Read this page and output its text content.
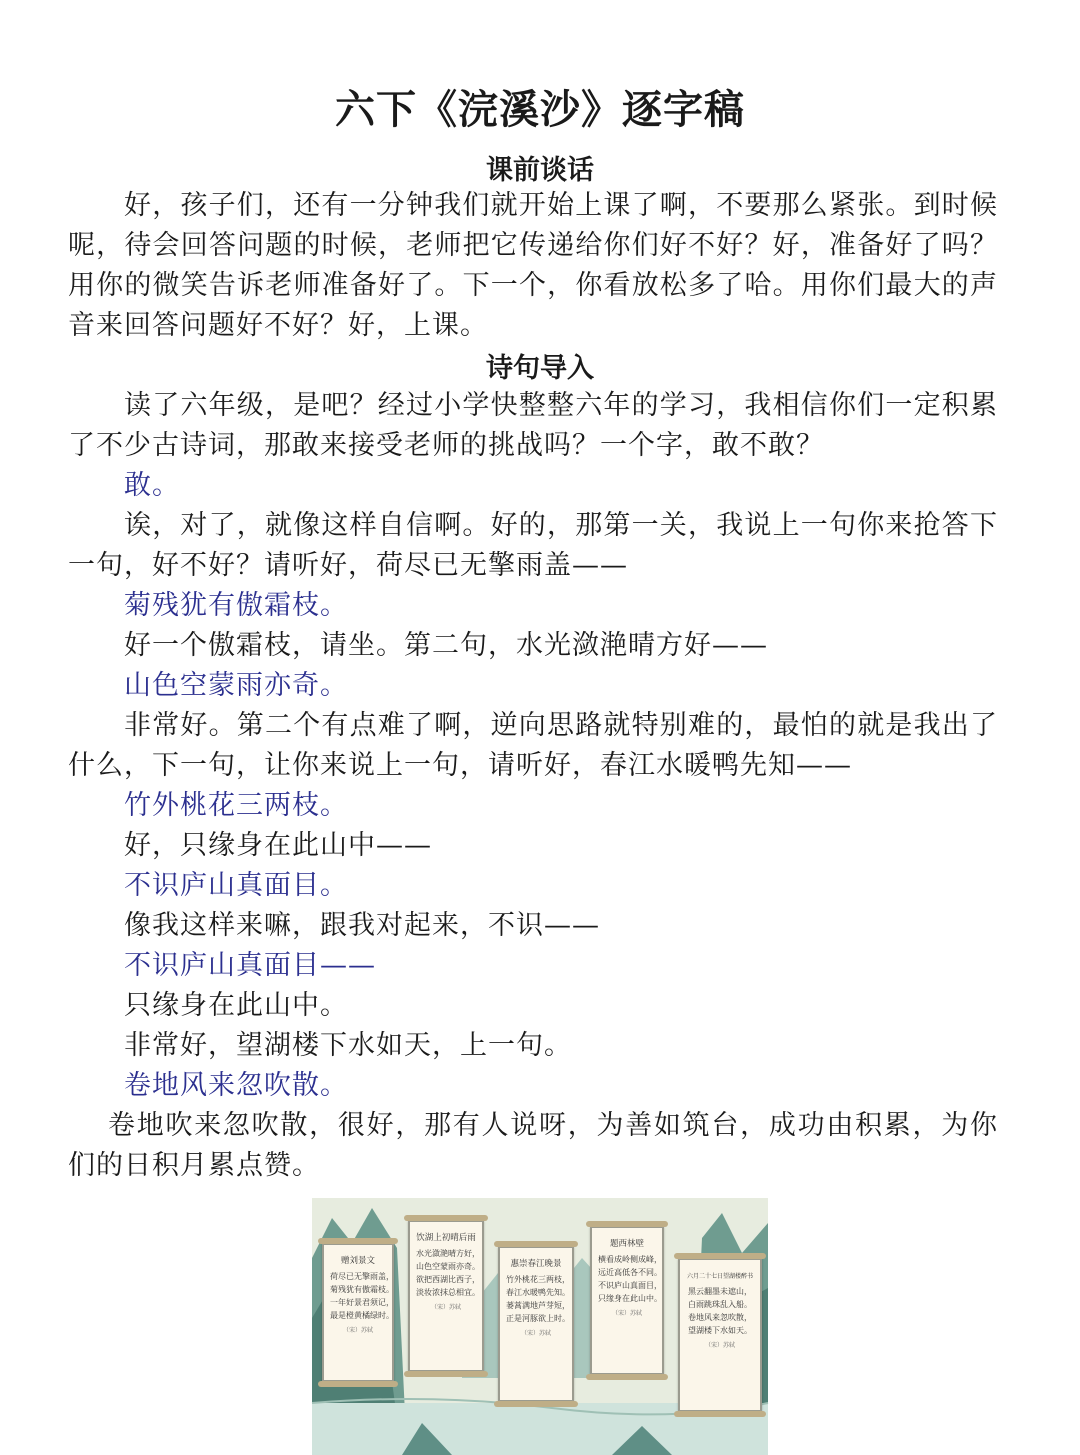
六下《浣溪沙》逐字稿
课前谈话
好，孩子们，还有一分钟我们就开始上课了啊，不要那么紧张。到时候呢，待会回答问题的时候，老师把它传递给你们好不好？好，准备好了吗？用你的微笑告诉老师准备好了。下一个，你看放松多了哈。用你们最大的声音来回答问题好不好？好，上课。
诗句导入
读了六年级，是吧？经过小学快整整六年的学习，我相信你们一定积累了不少古诗词，那敢来接受老师的挑战吗？一个字，敢不敢？
敢。
诶，对了，就像这样自信啊。好的，那第一关，我说上一句你来抢答下一句，好不好？请听好，荷尽已无擎雨盖——
菊残犹有傲霜枝。
好一个傲霜枝，请坐。第二句，水光潋滟晴方好——
山色空蒙雨亦奇。
非常好。第二个有点难了啊，逆向思路就特别难的，最怕的就是我出了什么，下一句，让你来说上一句，请听好，春江水暖鸭先知——
竹外桃花三两枝。
好，只缘身在此山中——
不识庐山真面目。
像我这样来嘛，跟我对起来，不识——
不识庐山真面目——
只缘身在此山中。
非常好，望湖楼下水如天，上一句。
卷地风来忽吹散。
卷地吹来忽吹散，很好，那有人说呀，为善如筑台，成功由积累，为你们的日积月累点赞。
赠刘景文
荷尽已无擎雨盖，
菊残犹有傲霜枝。
一年好景君须记，
最是橙黄橘绿时。
（宋）苏轼
饮湖上初晴后雨
水光潋滟晴方好，
山色空蒙雨亦奇。
欲把西湖比西子，
淡妆浓抹总相宜。
（宋）苏轼
惠崇春江晚景
竹外桃花三两枝，
春江水暖鸭先知。
蒌蒿满地芦芽短，
正是河豚欲上时。
（宋）苏轼
题西林壁
横看成岭侧成峰，
远近高低各不同。
不识庐山真面目，
只缘身在此山中。
（宋）苏轼
六月二十七日望湖楼醉书
黑云翻墨未遮山，
白雨跳珠乱入船。
卷地风来忽吹散，
望湖楼下水如天。
（宋）苏轼
